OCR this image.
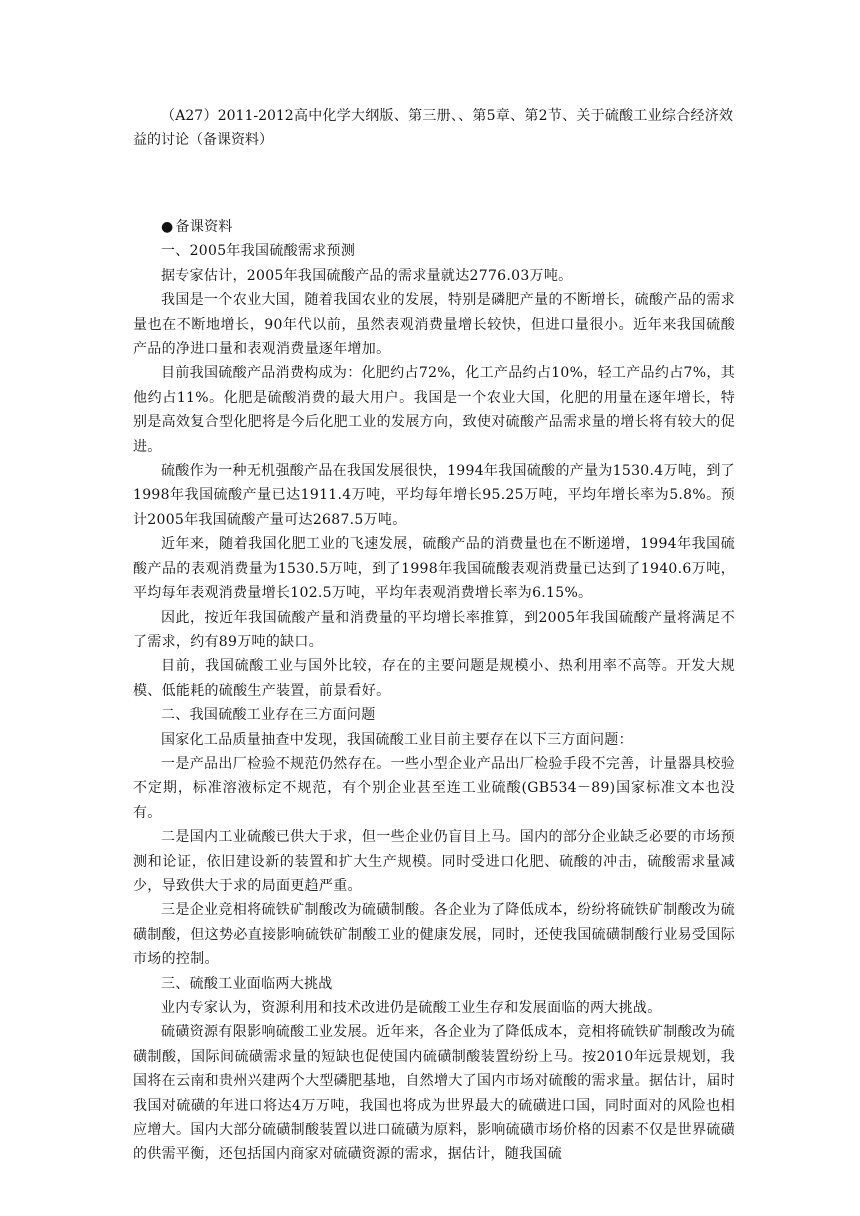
（A27）2011-2012高中化学大纲版、第三册、、第5章、第2节、关于硫酸工业综合经济效益的讨论（备课资料）

● 备课资料

一、2005年我国硫酸需求预测

据专家估计，2005年我国硫酸产品的需求量就达2776.03万吨。

我国是一个农业大国，随着我国农业的发展，特别是磷肥产量的不断增长，硫酸产品的需求量也在不断地增长，90年代以前，虽然表观消费量增长较快，但进口量很小。近年来我国硫酸产品的净进口量和表观消费量逐年增加。

目前我国硫酸产品消费构成为：化肥约占72%，化工产品约占10%，轻工产品约占7%，其他约占11%。化肥是硫酸消费的最大用户。我国是一个农业大国，化肥的用量在逐年增长，特别是高效复合型化肥将是今后化肥工业的发展方向，致使对硫酸产品需求量的增长将有较大的促进。

硫酸作为一种无机强酸产品在我国发展很快，1994年我国硫酸的产量为1530.4万吨，到了1998年我国硫酸产量已达1911.4万吨，平均每年增长95.25万吨，平均年增长率为5.8%。预计2005年我国硫酸产量可达2687.5万吨。

近年来，随着我国化肥工业的飞速发展，硫酸产品的消费量也在不断递增，1994年我国硫酸产品的表观消费量为1530.5万吨，到了1998年我国硫酸表观消费量已达到了1940.6万吨，平均每年表观消费量增长102.5万吨，平均年表观消费增长率为6.15%。

因此，按近年我国硫酸产量和消费量的平均增长率推算，到2005年我国硫酸产量将满足不了需求，约有89万吨的缺口。

目前，我国硫酸工业与国外比较，存在的主要问题是规模小、热利用率不高等。开发大规模、低能耗的硫酸生产装置，前景看好。

二、我国硫酸工业存在三方面问题

国家化工品质量抽查中发现，我国硫酸工业目前主要存在以下三方面问题：

一是产品出厂检验不规范仍然存在。一些小型企业产品出厂检验手段不完善，计量器具校验不定期，标准溶液标定不规范，有个别企业甚至连工业硫酸(GB534－89)国家标准文本也没有。

二是国内工业硫酸已供大于求，但一些企业仍盲目上马。国内的部分企业缺乏必要的市场预测和论证，依旧建设新的装置和扩大生产规模。同时受进口化肥、硫酸的冲击，硫酸需求量减少，导致供大于求的局面更趋严重。

三是企业竞相将硫铁矿制酸改为硫磺制酸。各企业为了降低成本，纷纷将硫铁矿制酸改为硫磺制酸，但这势必直接影响硫铁矿制酸工业的健康发展，同时，还使我国硫磺制酸行业易受国际市场的控制。

三、硫酸工业面临两大挑战

业内专家认为，资源利用和技术改进仍是硫酸工业生存和发展面临的两大挑战。

硫磺资源有限影响硫酸工业发展。近年来，各企业为了降低成本，竞相将硫铁矿制酸改为硫磺制酸，国际间硫磺需求量的短缺也促使国内硫磺制酸装置纷纷上马。按2010年远景规划，我国将在云南和贵州兴建两个大型磷肥基地，自然增大了国内市场对硫酸的需求量。据估计，届时我国对硫磺的年进口将达4万万吨，我国也将成为世界最大的硫磺进口国，同时面对的风险也相应增大。国内大部分硫磺制酸装置以进口硫磺为原料，影响硫磺市场价格的因素不仅是世界硫磺的供需平衡，还包括国内商家对硫磺资源的需求，据估计，随我国硫
